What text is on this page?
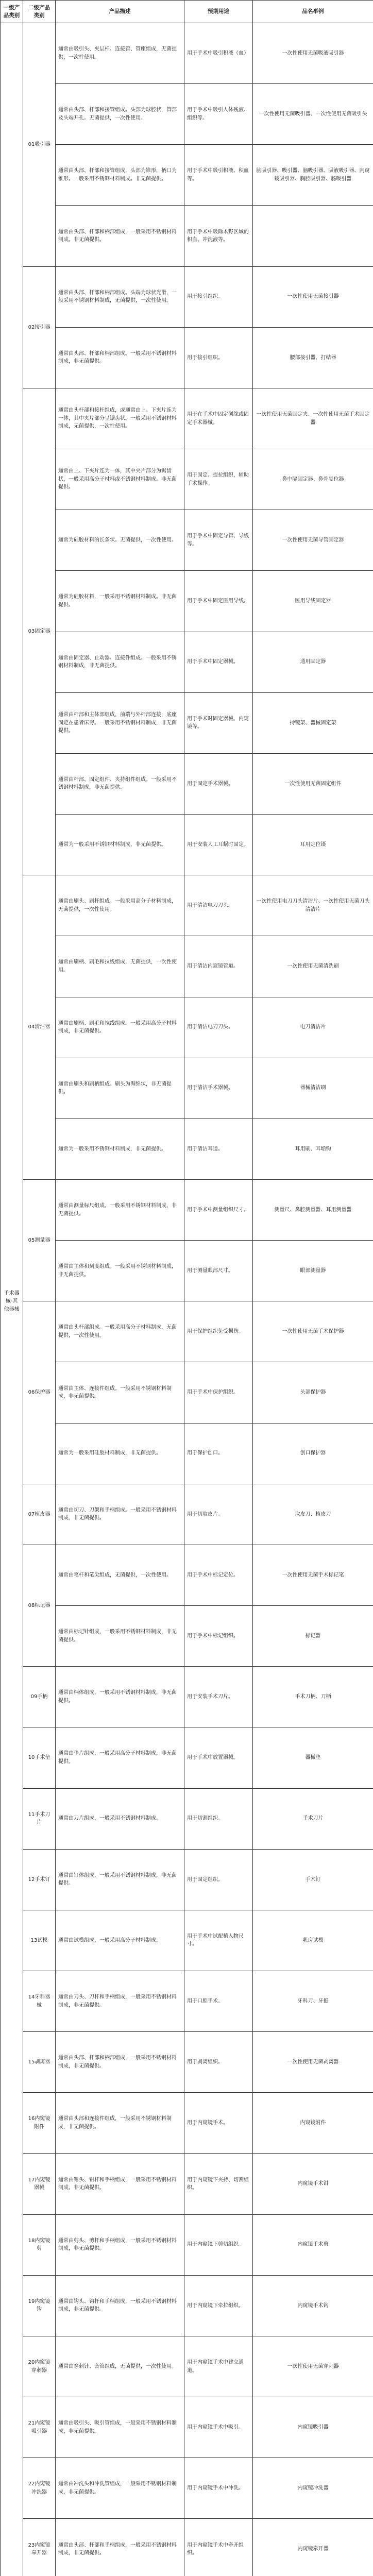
一级产品类别	二级产品类别	产品描述	预期用途	品名举例
手术器械-其他器械	01吸引器	通常由吸引头、夹层杆、连接管、管座组成，无菌提供，一次性使用。	用于手术中吸引积液（血）	一次性使用无菌吸液吸引器
		通常由头部、杆部和接管组成。头部为球腔状，管部及头端开孔。无菌提供，一次性使用。	用于手术中吸引人体残液、组织等。	一次性使用无菌吸引器、一次性使用无菌吸引头
		通常由头部、杆部和接管组成，头部为锥形，柄口为锥形。一般采用不锈钢材料制成。非无菌提供。	用于手术中吸引积液、积血等。	脑吸引器、吸引器、脑吸引器、吸液吸引器、内窥镜吸引器、胸腔吸引器、肠吸引器
		通常由头部、杆部和柄部组成，一般采用不锈钢材料制成。非无菌提供。	用于手术中吸除术野区域的积血、冲洗液等。	
	02接引器	通常由头部、杆部和柄部组成。头端为球状光滑，一般采用不锈钢材料制成，无菌提供，一次性使用。	用于接引组织。	一次性使用无菌接引器
		通常由头部、杆部和柄部组成。一般采用不锈钢材料制成，非无菌提供。	用于接引组织。	腰部接引器，打结器
	03固定器	通常由头杆部和接杆组成，或通常由上、下夹片连为一体，其中夹片部分呈锯齿状。一般采用不锈钢材料制成，无菌提供，一次性使用。	用于在手术中固定创缘或固定手术器械。	一次性使用无菌固定夹、一次性使用无菌手术固定器
		通常由上、下夹片连为一体，其中夹片部分为锯齿状，一般采用高分子材料或不锈钢材料制成。非无菌提供。	用于固定、提拉组织，辅助手术操作。	鼻中隔固定器、鼻骨复位器
		通常为硅胶材料的长条状。无菌提供，一次性使用。	用于手术中固定导管、导线等。	一次性使用无菌导管固定器
		通常为硅胶材料，一般采用不锈钢材料制成。非无菌提供。	用于手术中固定医用导线。	医用导线固定器
		通常由固定器、止动器、连接件组成。一般采用不锈钢材料制成，非无菌提供。	用于手术中固定器械。	通用固定器
		通常由杆部和主体部组成，前端与外杆部连接，底座固定在患者床旁。一般采用不锈钢材料制成，非无菌提供。	用于手术时固定器械、内窥镜等。	持镜架、器械固定架
		通常由杆部、固定组件、夹持组件组成。一般采用不锈钢材料制成，非无菌提供。	用于固定手术器械。	一次性使用无菌固定组件
		通常为一般采用不锈钢材料制成，非无菌提供。	用于安装人工耳蜗时固定。	耳用定位镊
	04清洁器	通常由刷头、刷杆组成。一般采用高分子材料制成，无菌提供，一次性使用。	用于清洁电刀刀头。	一次性使用电刀刀头清洁片、一次性使用无菌刀头清洁片
		通常由刷柄、刷毛和拉线组成，无菌提供，一次性使用。	用于清洁内窥镜管道。	一次性使用无菌清洗刷
		通常由刷柄、刷毛和拉线组成。一般采用高分子材料制成，非无菌提供。	用于清洁电刀刀头。	电刀清洁片
		通常由刷头和刷柄组成。刷头为海绵状，非无菌提供。	用于清洁手术器械。	器械清洁刷
		通常为一般采用不锈钢材料制成，非无菌提供。	用于清洁耳道。	耳用刷、耳垢钩
	05测量器	通常由测量标尺组成。一般采用不锈钢材料制成，非无菌提供。	用于手术中测量组织尺寸。	测量尺、鼻腔测量器、耳用测量器
		通常由主体和刻度组成。一般采用不锈钢材料制成，非无菌提供。	用于测量眼部尺寸。	眼部测量器
	06保护器	通常由头杆部组成。一般采用高分子材料制成，无菌提供，一次性使用。	用于保护组织免受损伤。	一次性使用无菌手术保护器
		通常由主体、连接件组成。一般采用不锈钢材料制成，非无菌提供。	用于手术中保护组织。	头部保护器
		通常为一般采用硅胶材料制成，非无菌提供。	用于保护创口。	创口保护器
	07植皮器	通常由切刀、刀架和手柄组成。一般采用不锈钢材料制成，非无菌提供。	用于切取皮片。	取皮刀、植皮刀
	08标记器	通常由笔杆和笔尖组成，无菌提供，一次性使用。	用于手术中标记定位。	一次性使用无菌手术标记笔
		通常由标记针组成，一般采用不锈钢材料制成，非无菌提供。	用于手术中标记组织。	标记器
	09手柄	通常由柄体组成，一般采用不锈钢材料制成，非无菌提供。	用于安装手术刀片。	手术刀柄、刀柄
	10手术垫	通常由垫片组成，一般采用高分子材料制成，非无菌提供。	用于手术中放置器械。	器械垫
	11手术刀片	通常由刀片组成，一般采用不锈钢材料制成。	用于切割组织。	手术刀片
	12手术钉	通常由钉体组成，一般采用不锈钢材料制成，非无菌提供。	用于固定组织。	手术钉
	13试模	通常由试模组成，一般采用高分子材料制成。	用于手术中试配植入物尺寸。	乳房试模
	14牙科器械	通常由刀头、刀杆和手柄组成，一般采用不锈钢材料制成，非无菌提供。	用于口腔手术。	牙科刀、牙挺
	15剥离器	通常由头部、杆部和柄部组成，一般采用不锈钢材料制成，非无菌提供。	用于剥离组织。	一次性使用无菌剥离器
	16内窥镜附件	通常由头部和连接件组成，一般采用不锈钢材料制成，非无菌提供。	用于内窥镜手术。	内窥镜附件
	17内窥镜器械	通常由钳头、钳杆和手柄组成，一般采用不锈钢材料制成，非无菌提供。	用于内窥镜下夹持、切割组织。	内窥镜手术钳
	18内窥镜剪	通常由剪头、剪杆和手柄组成，一般采用不锈钢材料制成，非无菌提供。	用于内窥镜下剪切组织。	内窥镜手术剪
	19内窥镜钩	通常由钩头、钩杆和手柄组成，一般采用不锈钢材料制成，非无菌提供。	用于内窥镜下牵拉组织。	内窥镜手术钩
	20内窥镜穿刺器	通常由穿刺针、套管组成，无菌提供，一次性使用。	用于内窥镜手术中建立通道。	一次性使用无菌穿刺器
	21内窥镜吸引器	通常由吸引头、吸引管组成，一般采用不锈钢材料制成，非无菌提供。	用于内窥镜手术中吸引。	内窥镜吸引器
	22内窥镜冲洗器	通常由冲洗头和冲洗管组成，一般采用不锈钢材料制成，非无菌提供。	用于内窥镜手术中冲洗。	内窥镜冲洗器
	23内窥镜牵开器	通常由头部、杆部和手柄组成，一般采用不锈钢材料制成，非无菌提供。	用于内窥镜手术中牵开组织。	内窥镜牵开器
